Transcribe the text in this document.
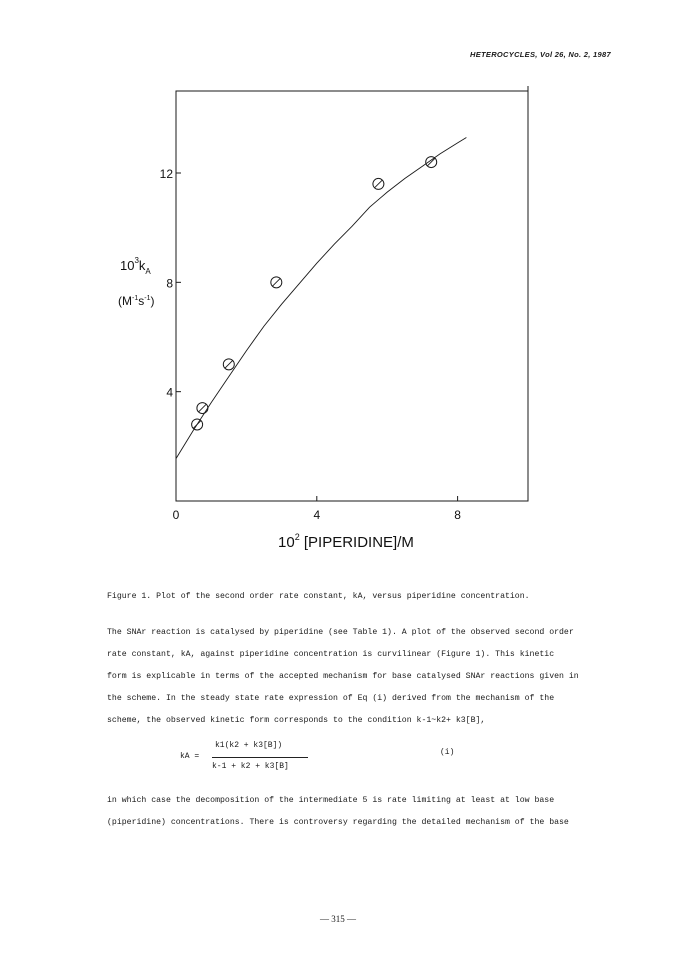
HETEROCYCLES, Vol 26, No. 2, 1987
0	4	8
4
8
12
$10^2$ [PIPERIDINE]/M
$10^3k_A$
$(M^{-1}s^{-1})$
Figure 1. Plot of the second order rate constant, kA, versus piperidine concentration.
The SNAr reaction is catalysed by piperidine (see Table 1). A plot of the observed second order
rate constant, kA, against piperidine concentration is curvilinear (Figure 1). This kinetic
form is explicable in terms of the accepted mechanism for base catalysed SNAr reactions given in
the scheme. In the steady state rate expression of Eq (i) derived from the mechanism of the
scheme, the observed kinetic form corresponds to the condition k-1~k2+ k3[B],
kA =
k1(k2 + k3[B])
k-1 + k2 + k3[B]
(i)
in which case the decomposition of the intermediate 5 is rate limiting at least at low base
(piperidine) concentrations. There is controversy regarding the detailed mechanism of the base
— 315 —
